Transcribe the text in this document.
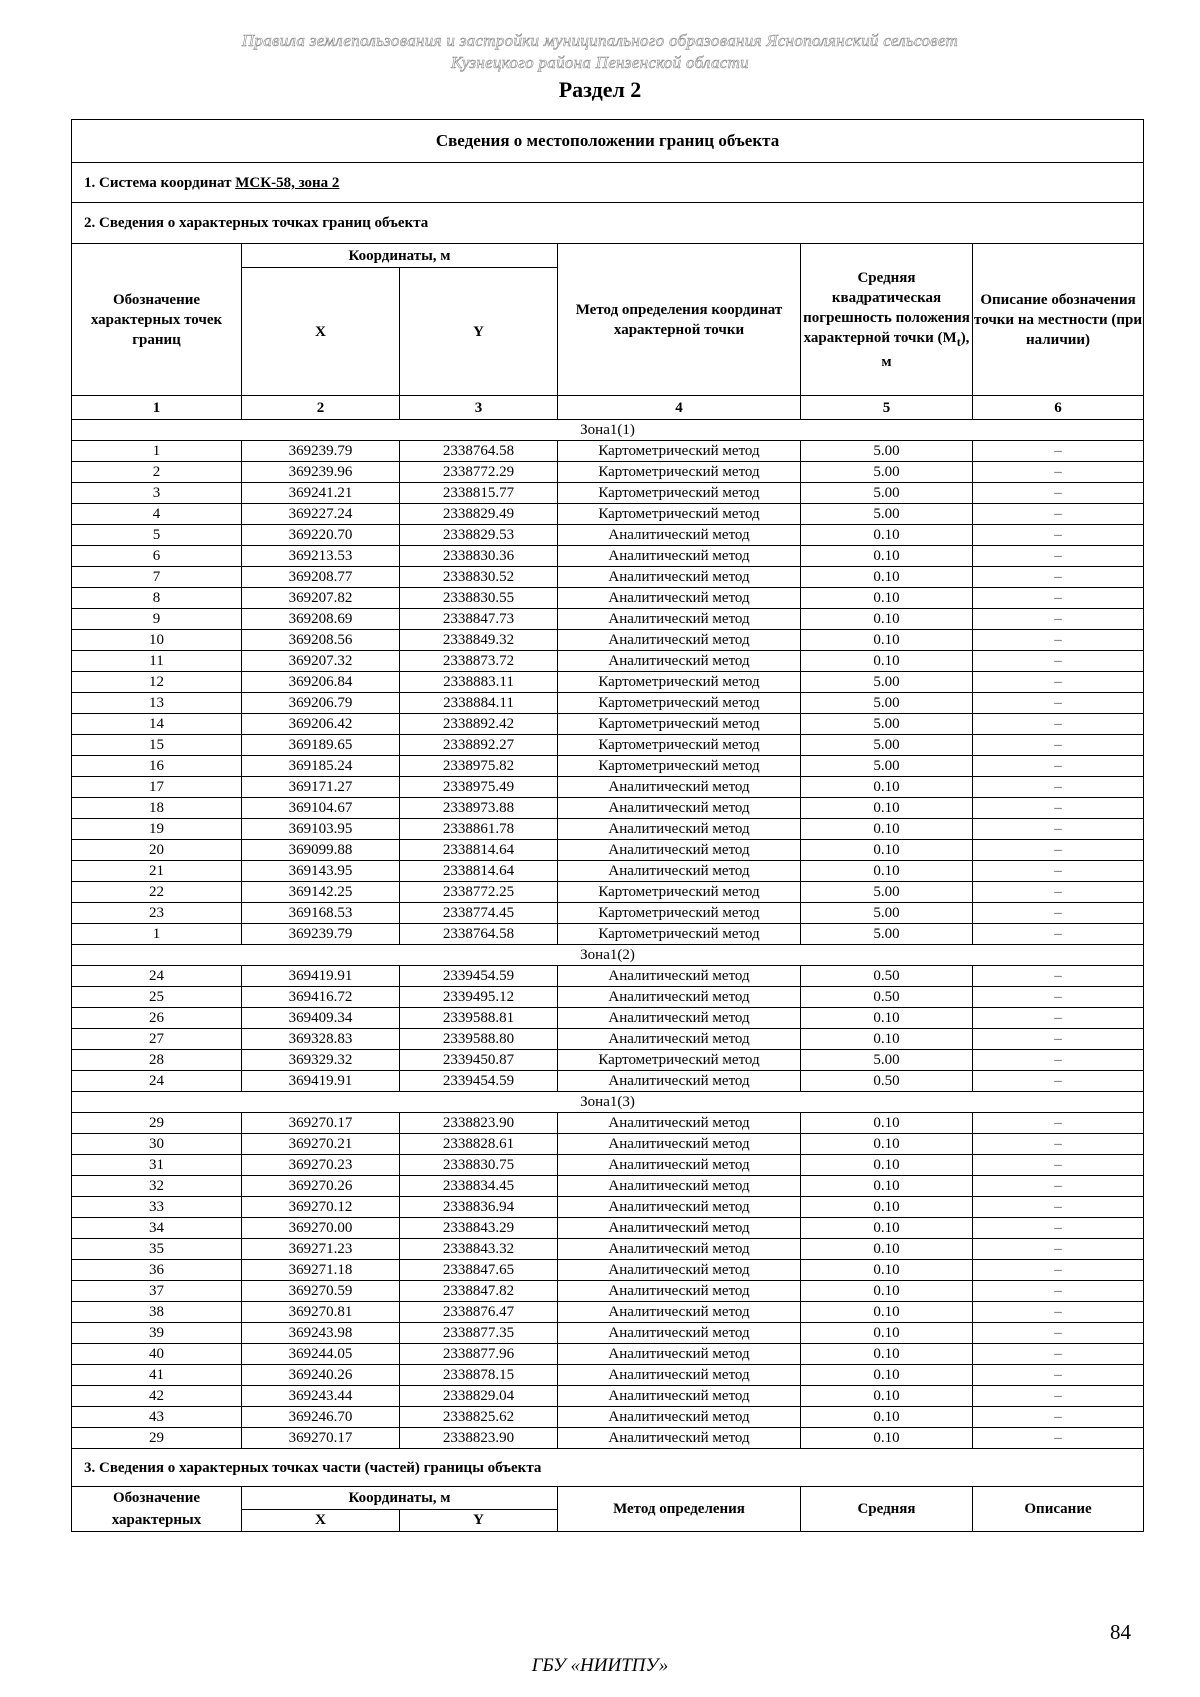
Правила землепользования и застройки муниципального образования Яснополянский сельсовет
Кузнецкого района Пензенской области
Раздел 2
Сведения о местоположении границ объекта					
1. Система координат МСК-58, зона 2					
2. Сведения о характерных точках границ объекта					
Обозначение характерных точек границ	Координаты, м		Метод определения координат характерной точки	Средняя квадратическая погрешность положения характерной точки $(M_t)$, м	Описание обозначения точки на местности (при наличии)
	X	Y			
1	2	3	4	5	6
Зона1(1)					
1	369239.79	2338764.58	Картометрический метод	5.00	–
2	369239.96	2338772.29	Картометрический метод	5.00	–
3	369241.21	2338815.77	Картометрический метод	5.00	–
4	369227.24	2338829.49	Картометрический метод	5.00	–
5	369220.70	2338829.53	Аналитический метод	0.10	–
6	369213.53	2338830.36	Аналитический метод	0.10	–
7	369208.77	2338830.52	Аналитический метод	0.10	–
8	369207.82	2338830.55	Аналитический метод	0.10	–
9	369208.69	2338847.73	Аналитический метод	0.10	–
10	369208.56	2338849.32	Аналитический метод	0.10	–
11	369207.32	2338873.72	Аналитический метод	0.10	–
12	369206.84	2338883.11	Картометрический метод	5.00	–
13	369206.79	2338884.11	Картометрический метод	5.00	–
14	369206.42	2338892.42	Картометрический метод	5.00	–
15	369189.65	2338892.27	Картометрический метод	5.00	–
16	369185.24	2338975.82	Картометрический метод	5.00	–
17	369171.27	2338975.49	Аналитический метод	0.10	–
18	369104.67	2338973.88	Аналитический метод	0.10	–
19	369103.95	2338861.78	Аналитический метод	0.10	–
20	369099.88	2338814.64	Аналитический метод	0.10	–
21	369143.95	2338814.64	Аналитический метод	0.10	–
22	369142.25	2338772.25	Картометрический метод	5.00	–
23	369168.53	2338774.45	Картометрический метод	5.00	–
1	369239.79	2338764.58	Картометрический метод	5.00	–
Зона1(2)					
24	369419.91	2339454.59	Аналитический метод	0.50	–
25	369416.72	2339495.12	Аналитический метод	0.50	–
26	369409.34	2339588.81	Аналитический метод	0.10	–
27	369328.83	2339588.80	Аналитический метод	0.10	–
28	369329.32	2339450.87	Картометрический метод	5.00	–
24	369419.91	2339454.59	Аналитический метод	0.50	–
Зона1(3)					
29	369270.17	2338823.90	Аналитический метод	0.10	–
30	369270.21	2338828.61	Аналитический метод	0.10	–
31	369270.23	2338830.75	Аналитический метод	0.10	–
32	369270.26	2338834.45	Аналитический метод	0.10	–
33	369270.12	2338836.94	Аналитический метод	0.10	–
34	369270.00	2338843.29	Аналитический метод	0.10	–
35	369271.23	2338843.32	Аналитический метод	0.10	–
36	369271.18	2338847.65	Аналитический метод	0.10	–
37	369270.59	2338847.82	Аналитический метод	0.10	–
38	369270.81	2338876.47	Аналитический метод	0.10	–
39	369243.98	2338877.35	Аналитический метод	0.10	–
40	369244.05	2338877.96	Аналитический метод	0.10	–
41	369240.26	2338878.15	Аналитический метод	0.10	–
42	369243.44	2338829.04	Аналитический метод	0.10	–
43	369246.70	2338825.62	Аналитический метод	0.10	–
29	369270.17	2338823.90	Аналитический метод	0.10	–
3. Сведения о характерных точках части (частей) границы объекта					
Обозначение характерных	Координаты, м		Метод определения	Средняя	Описание
	X	Y			
84
ГБУ «НИИТПУ»
